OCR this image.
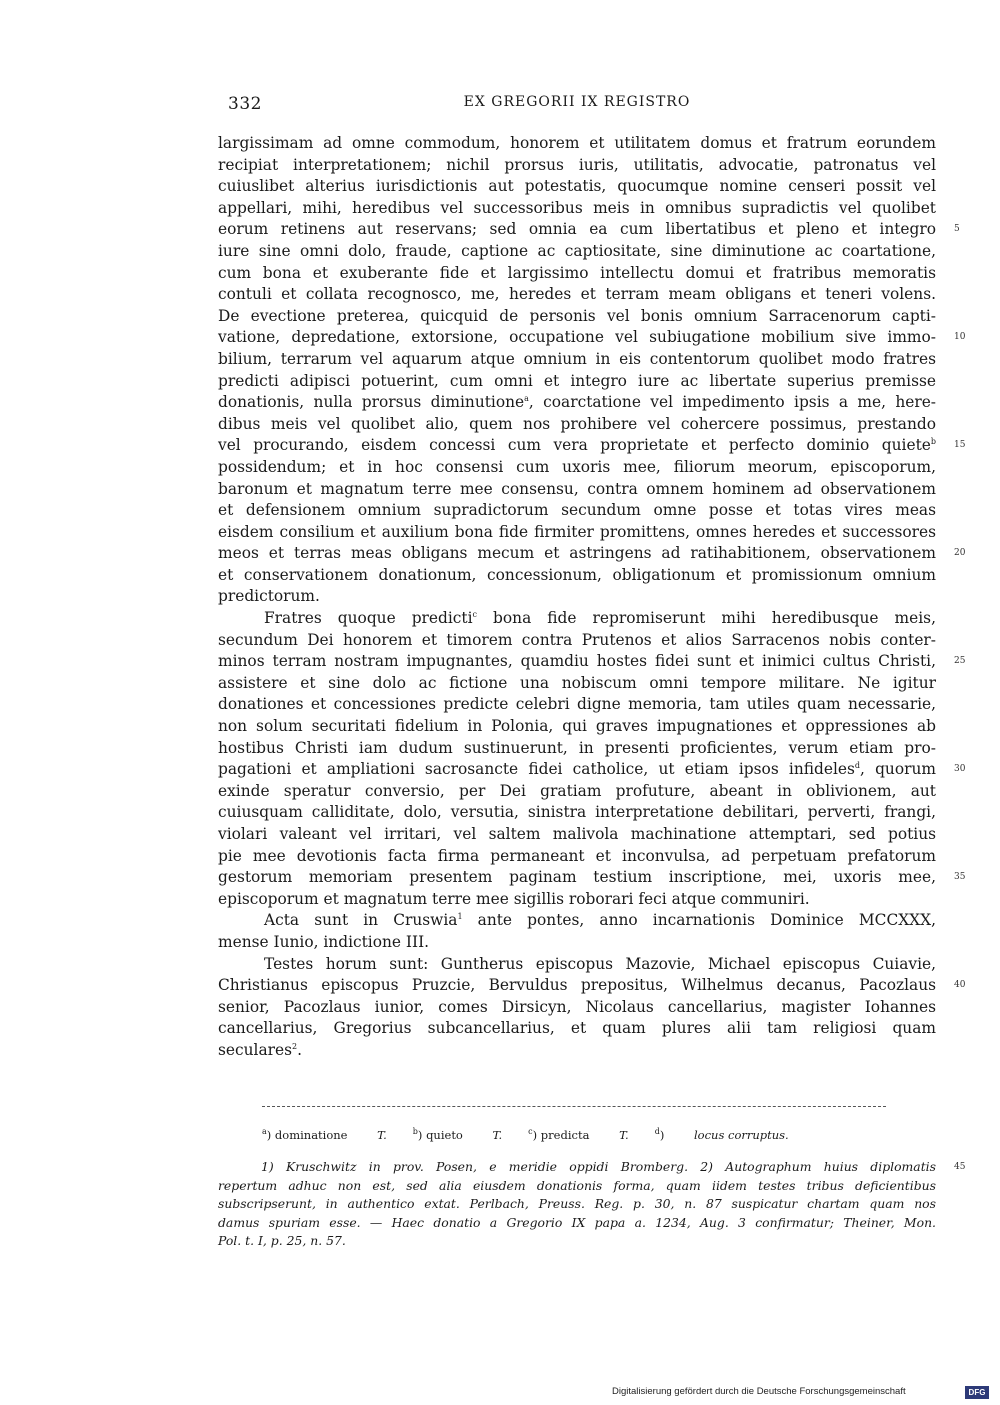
332	EX GREGORII IX REGISTRO
largissimam ad omne commodum, honorem et utilitatem domus et fratrum eorundem
recipiat interpretationem; nichil prorsus iuris, utilitatis, advocatie, patronatus vel
cuiuslibet alterius iurisdictionis aut potestatis, quocumque nomine censeri possit vel
appellari, mihi, heredibus vel successoribus meis in omnibus supradictis vel quolibet
eorum retinens aut reservans; sed omnia ea cum libertatibus et pleno et integro
iure sine omni dolo, fraude, captione ac captiositate, sine diminutione ac coartatione,
cum bona et exuberante fide et largissimo intellectu domui et fratribus memoratis
contuli et collata recognosco, me, heredes et terram meam obligans et teneri volens.
De evectione preterea, quicquid de personis vel bonis omnium Sarracenorum capti-
vatione, depredatione, extorsione, occupatione vel subiugatione mobilium sive immo-
bilium, terrarum vel aquarum atque omnium in eis contentorum quolibet modo fratres
predicti adipisci potuerint, cum omni et integro iure ac libertate superius premisse
donationis, nulla prorsus diminutione$^a$, coarctatione vel impedimento ipsis a me, here-
dibus meis vel quolibet alio, quem nos prohibere vel cohercere possimus, prestando
vel procurando, eisdem concessi cum vera proprietate et perfecto dominio quiete$^b$
possidendum; et in hoc consensi cum uxoris mee, filiorum meorum, episcoporum,
baronum et magnatum terre mee consensu, contra omnem hominem ad observationem
et defensionem omnium supradictorum secundum omne posse et totas vires meas
eisdem consilium et auxilium bona fide firmiter promittens, omnes heredes et successores
meos et terras meas obligans mecum et astringens ad ratihabitionem, observationem
et conservationem donationum, concessionum, obligationum et promissionum omnium
predictorum.
Fratres quoque predicti$^c$ bona fide repromiserunt mihi heredibusque meis,
secundum Dei honorem et timorem contra Prutenos et alios Sarracenos nobis conter-
minos terram nostram impugnantes, quamdiu hostes fidei sunt et inimici cultus Christi,
assistere et sine dolo ac fictione una nobiscum omni tempore militare. Ne igitur
donationes et concessiones predicte celebri digne memoria, tam utiles quam necessarie,
non solum securitati fidelium in Polonia, qui graves impugnationes et oppressiones ab
hostibus Christi iam dudum sustinuerunt, in presenti proficientes, verum etiam pro-
pagationi et ampliationi sacrosancte fidei catholice, ut etiam ipsos infideles$^d$, quorum
exinde speratur conversio, per Dei gratiam profuture, abeant in oblivionem, aut
cuiusquam calliditate, dolo, versutia, sinistra interpretatione debilitari, perverti, frangi,
violari valeant vel irritari, vel saltem malivola machinatione attemptari, sed potius
pie mee devotionis facta firma permaneant et inconvulsa, ad perpetuam prefatorum
gestorum memoriam presentem paginam testium inscriptione, mei, uxoris mee,
episcoporum et magnatum terre mee sigillis roborari feci atque communiri.
Acta sunt in Cruswia$^1$ ante pontes, anno incarnationis Dominice MCCXXX,
mense Iunio, indictione III.
Testes horum sunt: Guntherus episcopus Mazovie, Michael episcopus Cuiavie,
Christianus episcopus Pruzcie, Bervuldus prepositus, Wilhelmus decanus, Pacozlaus
senior, Pacozlaus iunior, comes Dirsicyn, Nicolaus cancellarius, magister Iohannes
cancellarius, Gregorius subcancellarius, et quam plures alii tam religiosi quam
seculares$^2$.
5
10
15
20
25
30
35
40
$^a$) dominatione T.	$^b$) quieto T.	$^c$) predicta T.	$^d$) locus corruptus.
1) Kruschwitz in prov. Posen, e meridie oppidi Bromberg. 2) Autographum huius diplomatis
repertum adhuc non est, sed alia eiusdem donationis forma, quam iidem testes tribus deficientibus
subscripserunt, in authentico extat. Perlbach, Preuss. Reg. p. 30, n. 87 suspicatur chartam quam nos
damus spuriam esse. — Haec donatio a Gregorio IX papa a. 1234, Aug. 3 confirmatur; Theiner, Mon.
Pol. t. I, p. 25, n. 57.
45
Digitalisierung gefördert durch die Deutsche Forschungsgemeinschaft	DFG
